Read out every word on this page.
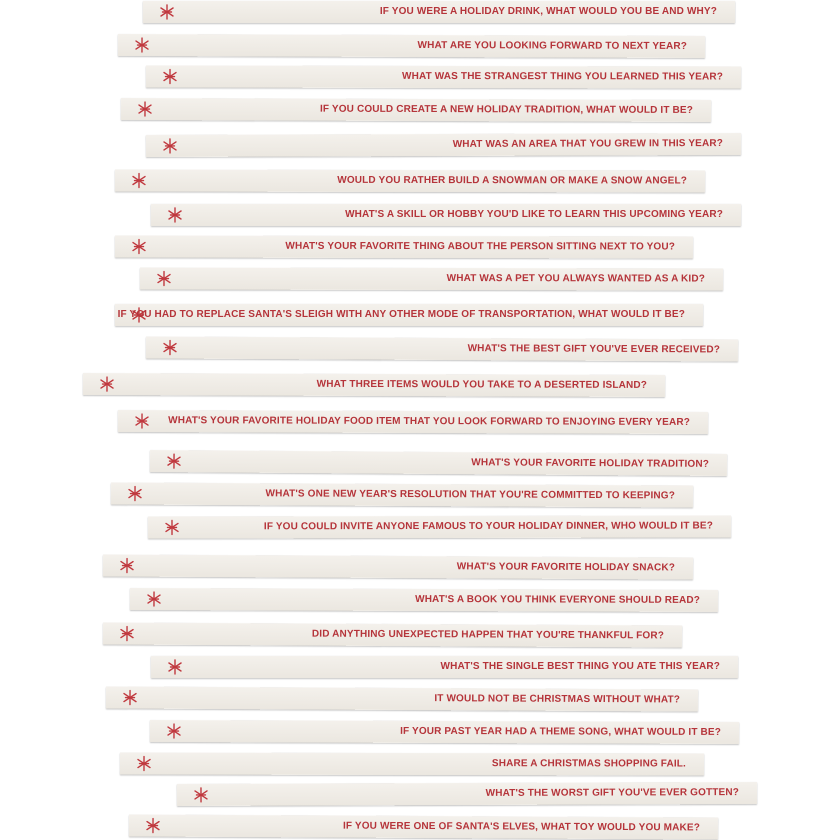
IF YOU WERE A HOLIDAY DRINK, WHAT WOULD YOU BE AND WHY?
WHAT ARE YOU LOOKING FORWARD TO NEXT YEAR?
WHAT WAS THE STRANGEST THING YOU LEARNED THIS YEAR?
IF YOU COULD CREATE A NEW HOLIDAY TRADITION, WHAT WOULD IT BE?
WHAT WAS AN AREA THAT YOU GREW IN THIS YEAR?
WOULD YOU RATHER BUILD A SNOWMAN OR MAKE A SNOW ANGEL?
WHAT'S A SKILL OR HOBBY YOU'D LIKE TO LEARN THIS UPCOMING YEAR?
WHAT'S YOUR FAVORITE THING ABOUT THE PERSON SITTING NEXT TO YOU?
WHAT WAS A PET YOU ALWAYS WANTED AS A KID?
IF YOU HAD TO REPLACE SANTA'S SLEIGH WITH ANY OTHER MODE OF TRANSPORTATION, WHAT WOULD IT BE?
WHAT'S THE BEST GIFT YOU'VE EVER RECEIVED?
WHAT THREE ITEMS WOULD YOU TAKE TO A DESERTED ISLAND?
WHAT'S YOUR FAVORITE HOLIDAY FOOD ITEM THAT YOU LOOK FORWARD TO ENJOYING EVERY YEAR?
WHAT'S YOUR FAVORITE HOLIDAY TRADITION?
WHAT'S ONE NEW YEAR'S RESOLUTION THAT YOU'RE COMMITTED TO KEEPING?
IF YOU COULD INVITE ANYONE FAMOUS TO YOUR HOLIDAY DINNER, WHO WOULD IT BE?
WHAT'S YOUR FAVORITE HOLIDAY SNACK?
WHAT'S A BOOK YOU THINK EVERYONE SHOULD READ?
DID ANYTHING UNEXPECTED HAPPEN THAT YOU'RE THANKFUL FOR?
WHAT'S THE SINGLE BEST THING YOU ATE THIS YEAR?
IT WOULD NOT BE CHRISTMAS WITHOUT WHAT?
IF YOUR PAST YEAR HAD A THEME SONG, WHAT WOULD IT BE?
SHARE A CHRISTMAS SHOPPING FAIL.
WHAT'S THE WORST GIFT YOU'VE EVER GOTTEN?
IF YOU WERE ONE OF SANTA'S ELVES, WHAT TOY WOULD YOU MAKE?
